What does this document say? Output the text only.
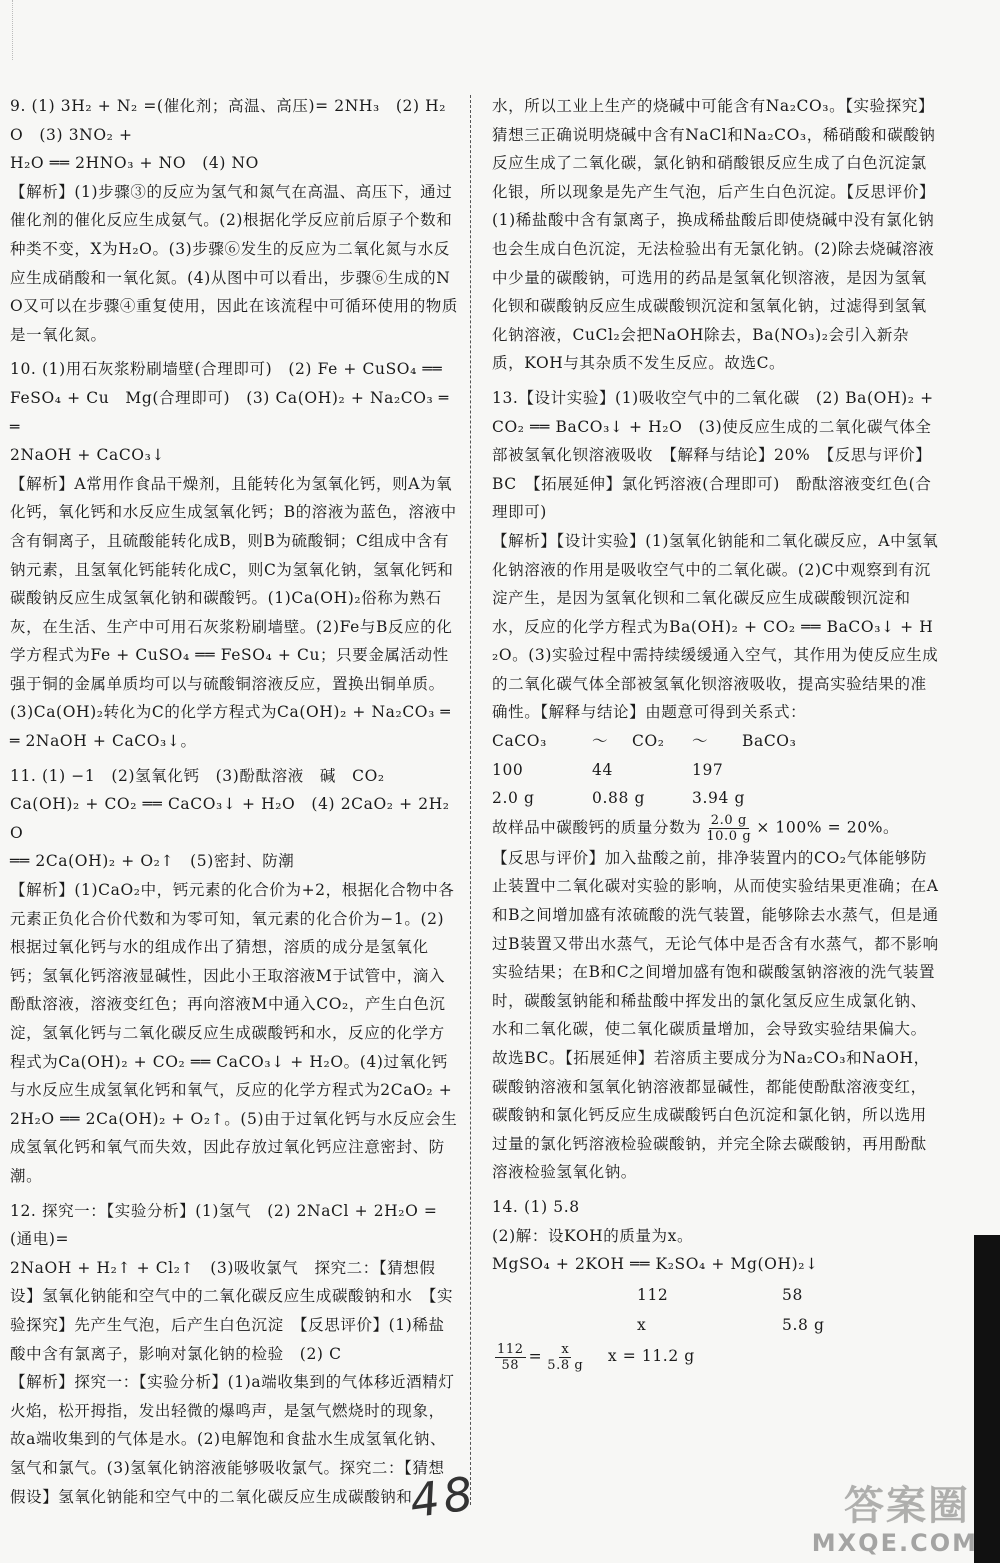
9. (1) 3H₂ + N₂ =(催化剂；高温、高压)= 2NH₃　(2) H₂O　(3) 3NO₂ +

H₂O ══ 2HNO₃ + NO　(4) NO

【解析】(1)步骤③的反应为氢气和氮气在高温、高压下，通过催化剂的催化反应生成氨气。(2)根据化学反应前后原子个数和种类不变，X为H₂O。(3)步骤⑥发生的反应为二氧化氮与水反应生成硝酸和一氧化氮。(4)从图中可以看出，步骤⑥生成的NO又可以在步骤④重复使用，因此在该流程中可循环使用的物质是一氧化氮。

10. (1)用石灰浆粉刷墙壁(合理即可)　(2) Fe + CuSO₄ ══

FeSO₄ + Cu　Mg(合理即可)　(3) Ca(OH)₂ + Na₂CO₃ ══

2NaOH + CaCO₃↓

【解析】A常用作食品干燥剂，且能转化为氢氧化钙，则A为氧化钙，氧化钙和水反应生成氢氧化钙；B的溶液为蓝色，溶液中含有铜离子，且硫酸能转化成B，则B为硫酸铜；C组成中含有钠元素，且氢氧化钙能转化成C，则C为氢氧化钠，氢氧化钙和碳酸钠反应生成氢氧化钠和碳酸钙。(1)Ca(OH)₂俗称为熟石灰，在生活、生产中可用石灰浆粉刷墙壁。(2)Fe与B反应的化学方程式为Fe + CuSO₄ ══ FeSO₄ + Cu；只要金属活动性强于铜的金属单质均可以与硫酸铜溶液反应，置换出铜单质。(3)Ca(OH)₂转化为C的化学方程式为Ca(OH)₂ + Na₂CO₃ ══ 2NaOH + CaCO₃↓。

11. (1) −1　(2)氢氧化钙　(3)酚酞溶液　碱　CO₂

Ca(OH)₂ + CO₂ ══ CaCO₃↓ + H₂O　(4) 2CaO₂ + 2H₂O

══ 2Ca(OH)₂ + O₂↑　(5)密封、防潮

【解析】(1)CaO₂中，钙元素的化合价为+2，根据化合物中各元素正负化合价代数和为零可知，氧元素的化合价为−1。(2)根据过氧化钙与水的组成作出了猜想，溶质的成分是氢氧化钙；氢氧化钙溶液显碱性，因此小王取溶液M于试管中，滴入酚酞溶液，溶液变红色；再向溶液M中通入CO₂，产生白色沉淀，氢氧化钙与二氧化碳反应生成碳酸钙和水，反应的化学方程式为Ca(OH)₂ + CO₂ ══ CaCO₃↓ + H₂O。(4)过氧化钙与水反应生成氢氧化钙和氧气，反应的化学方程式为2CaO₂ + 2H₂O ══ 2Ca(OH)₂ + O₂↑。(5)由于过氧化钙与水反应会生成氢氧化钙和氧气而失效，因此存放过氧化钙应注意密封、防潮。

12. 探究一：【实验分析】(1)氢气　(2) 2NaCl + 2H₂O =(通电)=

2NaOH + H₂↑ + Cl₂↑　(3)吸收氯气　探究二：【猜想假设】氢氧化钠能和空气中的二氧化碳反应生成碳酸钠和水　【实验探究】先产生气泡，后产生白色沉淀　【反思评价】(1)稀盐酸中含有氯离子，影响对氯化钠的检验　(2) C

【解析】探究一：【实验分析】(1)a端收集到的气体移近酒精灯火焰，松开拇指，发出轻微的爆鸣声，是氢气燃烧时的现象，故a端收集到的气体是水。(2)电解饱和食盐水生成氢氧化钠、氢气和氯气。(3)氢氧化钠溶液能够吸收氯气。探究二：【猜想假设】氢氧化钠能和空气中的二氧化碳反应生成碳酸钠和

水，所以工业上生产的烧碱中可能含有Na₂CO₃。【实验探究】猜想三正确说明烧碱中含有NaCl和Na₂CO₃，稀硝酸和碳酸钠反应生成了二氧化碳，氯化钠和硝酸银反应生成了白色沉淀氯化银，所以现象是先产生气泡，后产生白色沉淀。【反思评价】(1)稀盐酸中含有氯离子，换成稀盐酸后即使烧碱中没有氯化钠也会生成白色沉淀，无法检验出有无氯化钠。(2)除去烧碱溶液中少量的碳酸钠，可选用的药品是氢氧化钡溶液，是因为氢氧化钡和碳酸钠反应生成碳酸钡沉淀和氢氧化钠，过滤得到氢氧化钠溶液，CuCl₂会把NaOH除去，Ba(NO₃)₂会引入新杂质，KOH与其杂质不发生反应。故选C。

13.【设计实验】(1)吸收空气中的二氧化碳　(2) Ba(OH)₂ +

CO₂ ══ BaCO₃↓ + H₂O　(3)使反应生成的二氧化碳气体全部被氢氧化钡溶液吸收　【解释与结论】20%　【反思与评价】BC　【拓展延伸】氯化钙溶液(合理即可)　酚酞溶液变红色(合理即可)

【解析】【设计实验】(1)氢氧化钠能和二氧化碳反应，A中氢氧化钠溶液的作用是吸收空气中的二氧化碳。(2)C中观察到有沉淀产生，是因为氢氧化钡和二氧化碳反应生成碳酸钡沉淀和水，反应的化学方程式为Ba(OH)₂ + CO₂ ══ BaCO₃↓ + H₂O。(3)实验过程中需持续缓缓通入空气，其作用为使反应生成的二氧化碳气体全部被氢氧化钡溶液吸收，提高实验结果的准确性。【解释与结论】由题意可得到关系式：

CaCO₃	～	CO₂	～	BaCO₃
100	44	197
2.0 g	0.88 g	3.94 g

故样品中碳酸钙的质量分数为 $\frac{2.0 g}{10.0 g} \times 100\% = 20\%$。

【反思与评价】加入盐酸之前，排净装置内的CO₂气体能够防止装置中二氧化碳对实验的影响，从而使实验结果更准确；在A和B之间增加盛有浓硫酸的洗气装置，能够除去水蒸气，但是通过B装置又带出水蒸气，无论气体中是否含有水蒸气，都不影响实验结果；在B和C之间增加盛有饱和碳酸氢钠溶液的洗气装置时，碳酸氢钠能和稀盐酸中挥发出的氯化氢反应生成氯化钠、水和二氧化碳，使二氧化碳质量增加，会导致实验结果偏大。故选BC。【拓展延伸】若溶质主要成分为Na₂CO₃和NaOH，碳酸钠溶液和氢氧化钠溶液都显碱性，都能使酚酞溶液变红，碳酸钠和氯化钙反应生成碳酸钙白色沉淀和氯化钠，所以选用过量的氯化钙溶液检验碳酸钠，并完全除去碳酸钠，再用酚酞溶液检验氢氧化钠。

14. (1) 5.8

(2)解：设KOH的质量为x。

MgSO₄ + 2KOH ══ K₂SO₄ + Mg(OH)₂↓

112	58
x	5.8 g

$\frac{112}{58} = \frac{x}{5.8 g}$ x = 11.2 g

48	答案圈
MXQE.COM
